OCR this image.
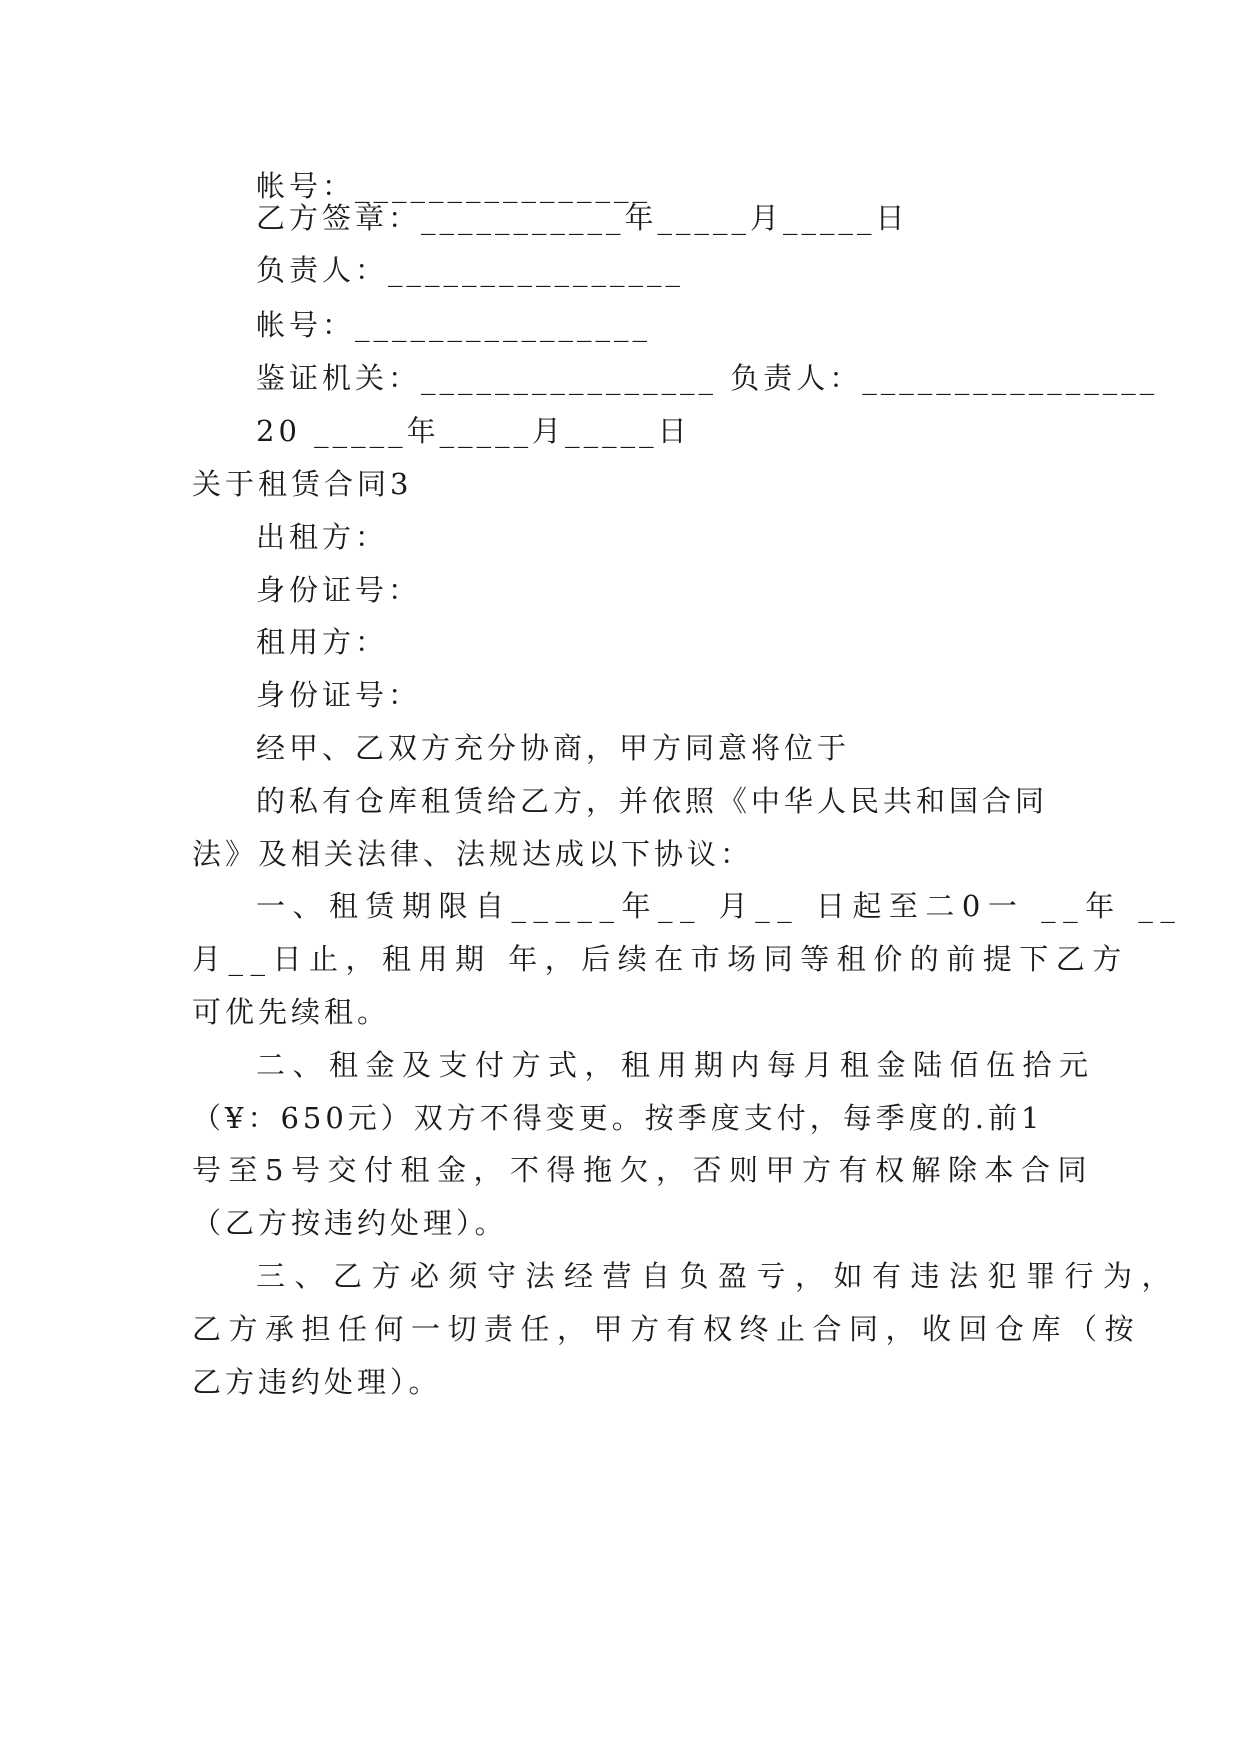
帐号：________________
乙方签章：___________年_____月_____日
负责人：________________
帐号：________________
鉴证机关：________________ 负责人：________________
20 _____年_____月_____日
关于租赁合同3
出租方：
身份证号：
租用方：
身份证号：
经甲、乙双方充分协商，甲方同意将位于
的私有仓库租赁给乙方，并依照《中华人民共和国合同
法》及相关法律、法规达成以下协议：
一、租赁期限自_____年__ 月__ 日起至二0一 __年 __
月__日止，租用期 年，后续在市场同等租价的前提下乙方
可优先续租。
二、租金及支付方式，租用期内每月租金陆佰伍拾元
（¥：650元）双方不得变更。按季度支付，每季度的.前1
号至5号交付租金，不得拖欠，否则甲方有权解除本合同
（乙方按违约处理）。
三、乙方必须守法经营自负盈亏，如有违法犯罪行为，
乙方承担任何一切责任，甲方有权终止合同，收回仓库（按
乙方违约处理）。
